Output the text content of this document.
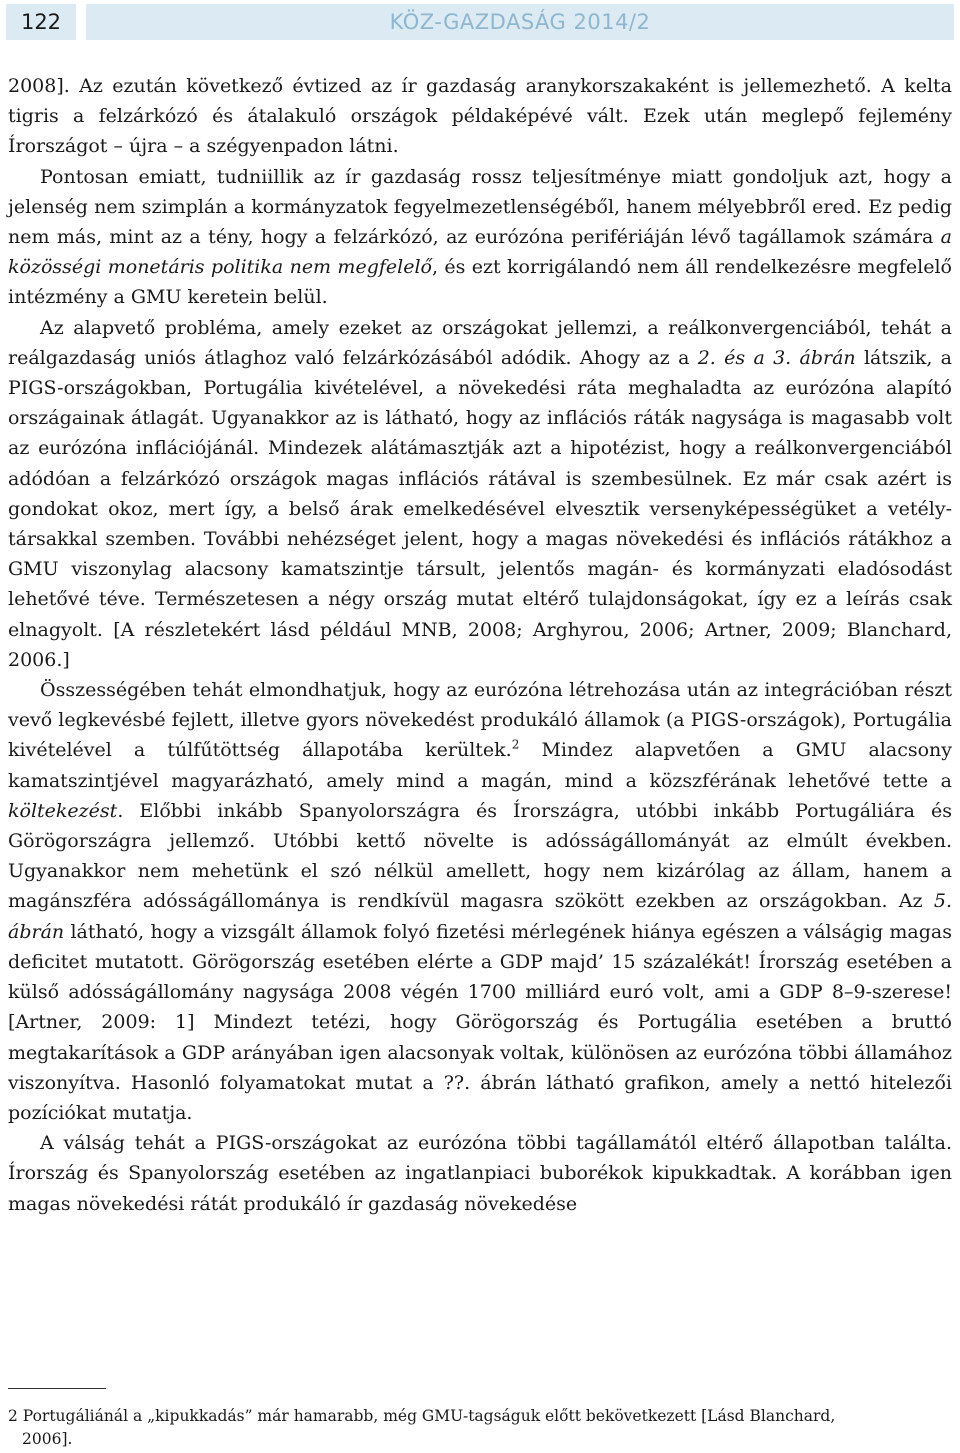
122	KÖZ-GAZDASÁG 2014/2

2008]. Az ezután következő évtized az ír gazdaság aranykorszakaként is jellemezhető. A kelta tigris a felzárkózó és átalakuló országok példaképévé vált. Ezek után meglepő fejlemény Írországot – újra – a szégyenpadon látni.

Pontosan emiatt, tudniillik az ír gazdaság rossz teljesítménye miatt gondoljuk azt, hogy a jelenség nem szimplán a kormányzatok fegyelmezetlenségéből, hanem mélyebbről ered. Ez pedig nem más, mint az a tény, hogy a felzárkózó, az eurózóna perifériáján lévő tagállamok számára a közösségi monetáris politika nem megfelelő, és ezt korrigálandó nem áll rendelkezésre megfelelő intézmény a GMU keretein belül.

Az alapvető probléma, amely ezeket az országokat jellemzi, a reálkonvergenciából, tehát a reálgazdaság uniós átlaghoz való felzárkózásából adódik. Ahogy az a 2. és a 3. ábrán látszik, a PIGS-országokban, Portugália kivételével, a növekedési ráta meghaladta az eurózóna alapító országainak átlagát. Ugyanakkor az is látható, hogy az inflációs ráták nagysága is magasabb volt az eurózóna inflációjánál. Mindezek alátámasztják azt a hipotézist, hogy a reálkonvergenciából adódóan a felzárkózó országok magas inflációs rátával is szembesülnek. Ez már csak azért is gondokat okoz, mert így, a belső árak emelkedésével elvesztik versenyképességüket a vetélytársakkal szemben. További nehézséget jelent, hogy a magas növekedési és inflációs rátákhoz a GMU viszonylag alacsony kamatszintje társult, jelentős magán- és kormányzati eladósodást lehetővé téve. Természetesen a négy ország mutat eltérő tulajdonságokat, így ez a leírás csak elnagyolt. [A részletekért lásd például MNB, 2008; Arghyrou, 2006; Artner, 2009; Blanchard, 2006.]

Összességében tehát elmondhatjuk, hogy az eurózóna létrehozása után az integrációban részt vevő legkevésbé fejlett, illetve gyors növekedést produkáló államok (a PIGS-országok), Portugália kivételével a túlfűtöttség állapotába kerültek.$^2$ Mindez alapvetően a GMU alacsony kamatszintjével magyarázható, amely mind a magán, mind a közszférának lehetővé tette a költekezést. Előbbi inkább Spanyolországra és Írországra, utóbbi inkább Portugáliára és Görögországra jellemző. Utóbbi kettő növelte is adósságállományát az elmúlt években. Ugyanakkor nem mehetünk el szó nélkül amellett, hogy nem kizárólag az állam, hanem a magánszféra adósságállománya is rendkívül magasra szökött ezekben az országokban. Az 5. ábrán látható, hogy a vizsgált államok folyó fizetési mérlegének hiánya egészen a válságig magas deficitet mutatott. Görögország esetében elérte a GDP majd’ 15 százalékát! Írország esetében a külső adósságállomány nagysága 2008 végén 1700 milliárd euró volt, ami a GDP 8–9-szerese! [Artner, 2009: 1] Mindezt tetézi, hogy Görögország és Portugália esetében a bruttó megtakarítások a GDP arányában igen alacsonyak voltak, különösen az eurózóna többi államához viszonyítva. Hasonló folyamatokat mutat a ??. ábrán látható grafikon, amely a nettó hitelezői pozíciókat mutatja.

A válság tehát a PIGS-országokat az eurózóna többi tagállamától eltérő állapotban találta. Írország és Spanyolország esetében az ingatlanpiaci buborékok kipukkadtak. A korábban igen magas növekedési rátát produkáló ír gazdaság növekedése

2 Portugáliánál a „kipukkadás” már hamarabb, még GMU-tagságuk előtt bekövetkezett [Lásd Blanchard,
2006].
